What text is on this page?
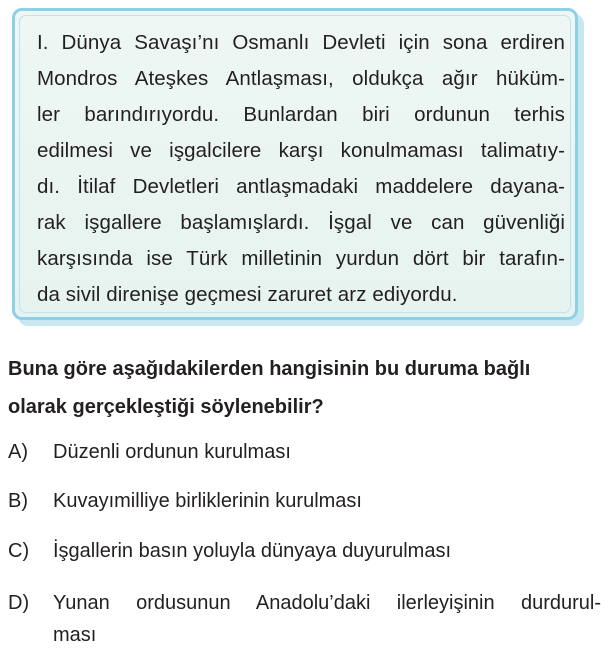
I. Dünya Savaşı’nı Osmanlı Devleti için sona erdiren
Mondros Ateşkes Antlaşması, oldukça ağır hüküm-
ler barındırıyordu. Bunlardan biri ordunun terhis
edilmesi ve işgalcilere karşı konulmaması talimatıy-
dı. İtilaf Devletleri antlaşmadaki maddelere dayana-
rak işgallere başlamışlardı. İşgal ve can güvenliği
karşısında ise Türk milletinin yurdun dört bir tarafın-
da sivil direnişe geçmesi zaruret arz ediyordu.
Buna göre aşağıdakilerden hangisinin bu duruma bağlı
olarak gerçekleştiği söylenebilir?
A) Düzenli ordunun kurulması
B) Kuvayımilliye birliklerinin kurulması
C) İşgallerin basın yoluyla dünyaya duyurulması
D) Yunan ordusunun Anadolu’daki ilerleyişinin durdurul-
ması
